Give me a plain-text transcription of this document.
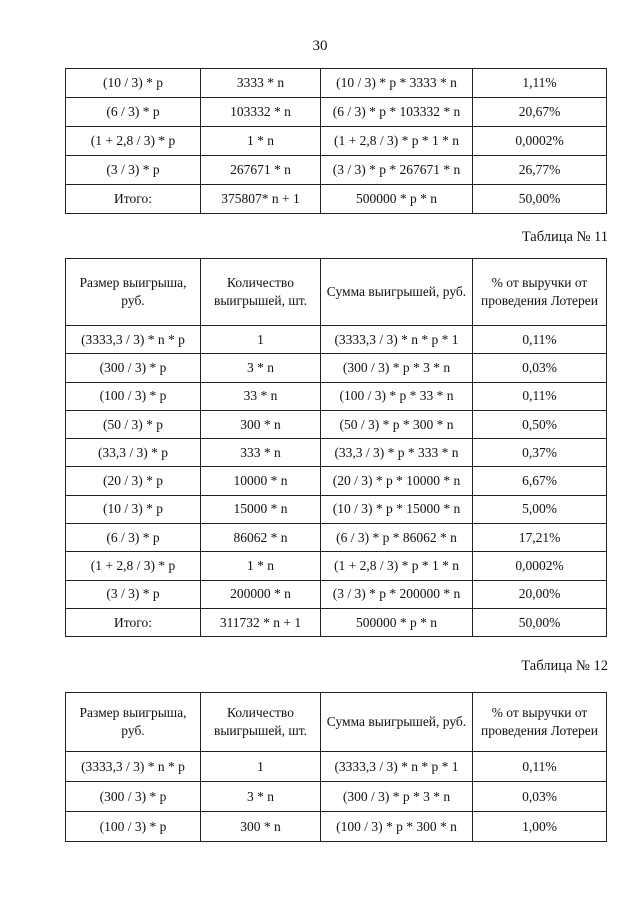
30
(10 / 3) * p	3333 * n	(10 / 3) * p * 3333 * n	1,11%
(6 / 3) * p	103332 * n	(6 / 3) * p * 103332 * n	20,67%
(1 + 2,8 / 3) * p	1 * n	(1 + 2,8 / 3) * p * 1 * n	0,0002%
(3 / 3) * p	267671 * n	(3 / 3) * p * 267671 * n	26,77%
Итого:	375807* n + 1	500000 * p * n	50,00%
Таблица № 11
Размер выигрыша, руб.	Количество выигрышей, шт.	Сумма выигрышей, руб.	% от выручки от проведения Лотереи
(3333,3 / 3) * n * p	1	(3333,3 / 3) * n * p * 1	0,11%
(300 / 3) * p	3 * n	(300 / 3) * p * 3 * n	0,03%
(100 / 3) * p	33 * n	(100 / 3) * p * 33 * n	0,11%
(50 / 3) * p	300 * n	(50 / 3) * p * 300 * n	0,50%
(33,3 / 3) * p	333 * n	(33,3 / 3) * p * 333 * n	0,37%
(20 / 3) * p	10000 * n	(20 / 3) * p * 10000 * n	6,67%
(10 / 3) * p	15000 * n	(10 / 3) * p * 15000 * n	5,00%
(6 / 3) * p	86062 * n	(6 / 3) * p * 86062 * n	17,21%
(1 + 2,8 / 3) * p	1 * n	(1 + 2,8 / 3) * p * 1 * n	0,0002%
(3 / 3) * p	200000 * n	(3 / 3) * p * 200000 * n	20,00%
Итого:	311732 * n + 1	500000 * p * n	50,00%
Таблица № 12
Размер выигрыша, руб.	Количество выигрышей, шт.	Сумма выигрышей, руб.	% от выручки от проведения Лотереи
(3333,3 / 3) * n * p	1	(3333,3 / 3) * n * p * 1	0,11%
(300 / 3) * p	3 * n	(300 / 3) * p * 3 * n	0,03%
(100 / 3) * p	300 * n	(100 / 3) * p * 300 * n	1,00%
